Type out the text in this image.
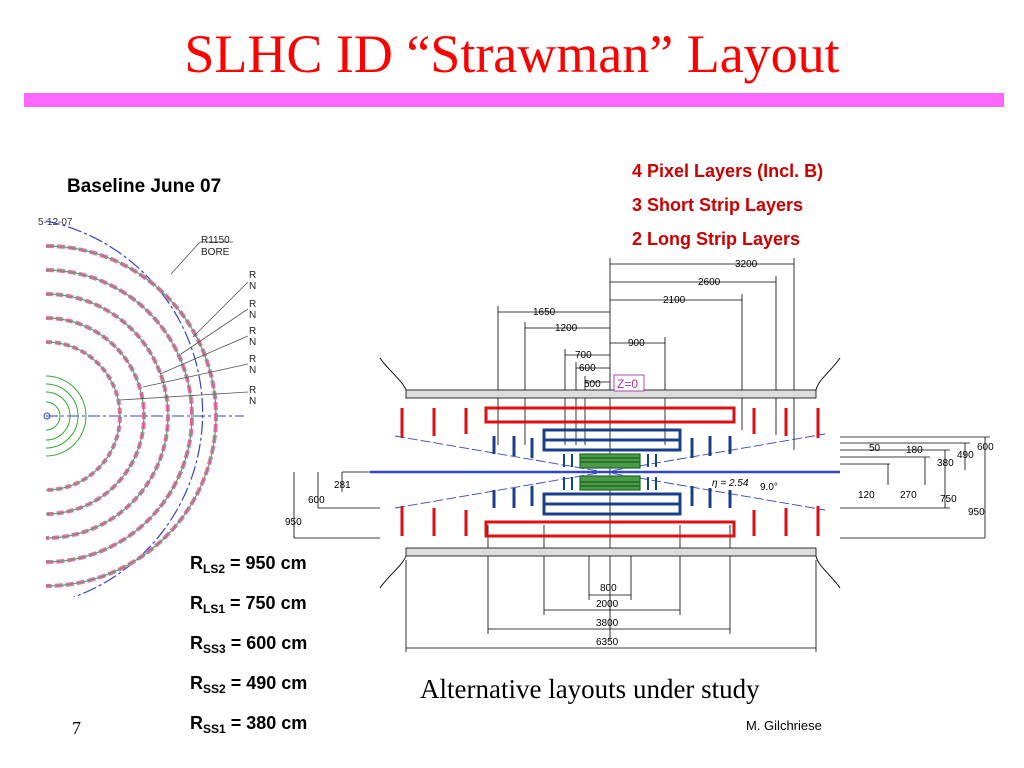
SLHC ID “Strawman” Layout
Baseline June 07
4 Pixel Layers (Incl. B)
3 Short Strip Layers
2 Long Strip Layers
5-12-07
R1150
BORE
R
N
R
N
R
N
R
N
R
N
Z=0
3200
2600
2100
1650
1200
900
700
600
500
600
490
380
180
50
750
950
270
120
281
600
950
η = 2.54 9.0°
800
2000
3800
6350
$R_{LS2} = 950$ cm
$R_{LS1} = 750$ cm
$R_{SS3} = 600$ cm
$R_{SS2} = 490$ cm
$R_{SS1} = 380$ cm
Alternative layouts under study
7	M. Gilchriese
